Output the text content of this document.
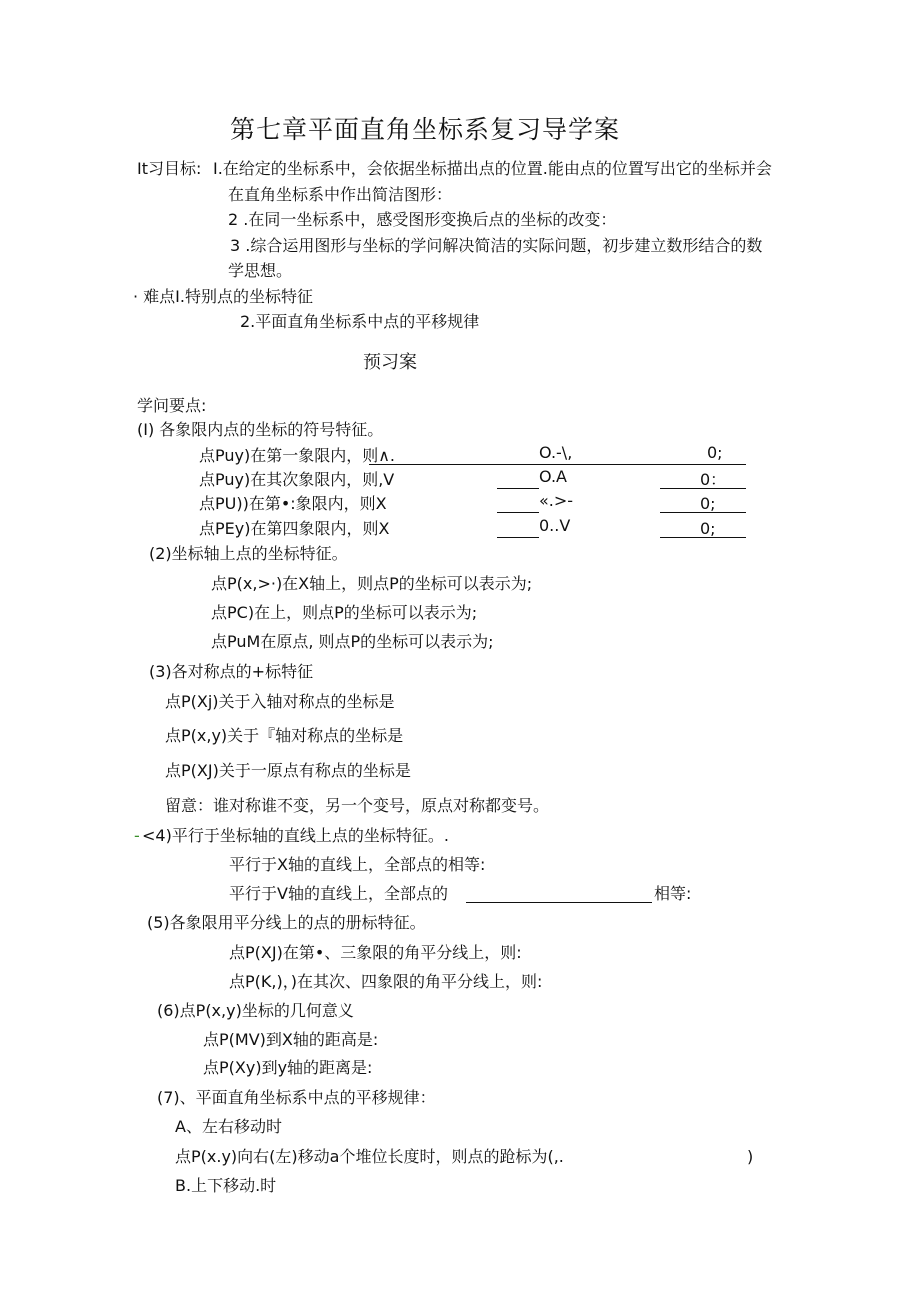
第七章平面直角坐标系复习导学案
It习目标: I.在给定的坐标系中，会依据坐标描出点的位置.能由点的位置写出它的坐标并会
在直角坐标系中作出简洁图形：
2 .在同一坐标系中，感受图形变换后点的坐标的改变：
3 .综合运用图形与坐标的学问解决简洁的实际问题，初步建立数形结合的数
学思想。
· 难点I.特别点的坐标特征
2.平面直角坐标系中点的平移规律
预习案
学问要点:
(I) 各象限内点的坐标的符号特征。
点Puy)在第一象限内，则∧.	O.-\,	0;
点Puy)在其次象限内，则,V	O.A	0：
点PU))在第•:象限内，则X	«.>-	0;
点PEy)在第四象限内，则X	0..V	0;
(2)坐标轴上点的坐标特征。
点P(x,>·)在X轴上，则点P的坐标可以表示为;
点PC)在上，则点P的坐标可以表示为;
点PuM在原点, 则点P的坐标可以表示为;
(3)各对称点的+标特征
点P(Xj)关于入轴对称点的坐标是
点P(x,y)关于『轴对称点的坐标是
点P(XJ)关于一原点有称点的坐标是
留意：谁对称谁不变，另一个变号，原点对称都变号。
- <4)平行于坐标轴的直线上点的坐标特征。.
平行于X轴的直线上，全部点的相等:
平行于V轴的直线上，全部点的	相等:
(5)各象限用平分线上的点的册标特征。
点P(XJ)在第•、三象限的角平分线上，则:
点P(K,)，)在其次、四象限的角平分线上，则:
(6)点P(x,y)坐标的几何意义
点P(MV)到X轴的距高是:
点P(Xy)到y轴的距离是:
(7)、平面直角坐标系中点的平移规律：
A、左右移动时
点P(x.y)向右(左)移动a个堆位长度时，则点的跄标为(,.	)
B.上下移动.时
